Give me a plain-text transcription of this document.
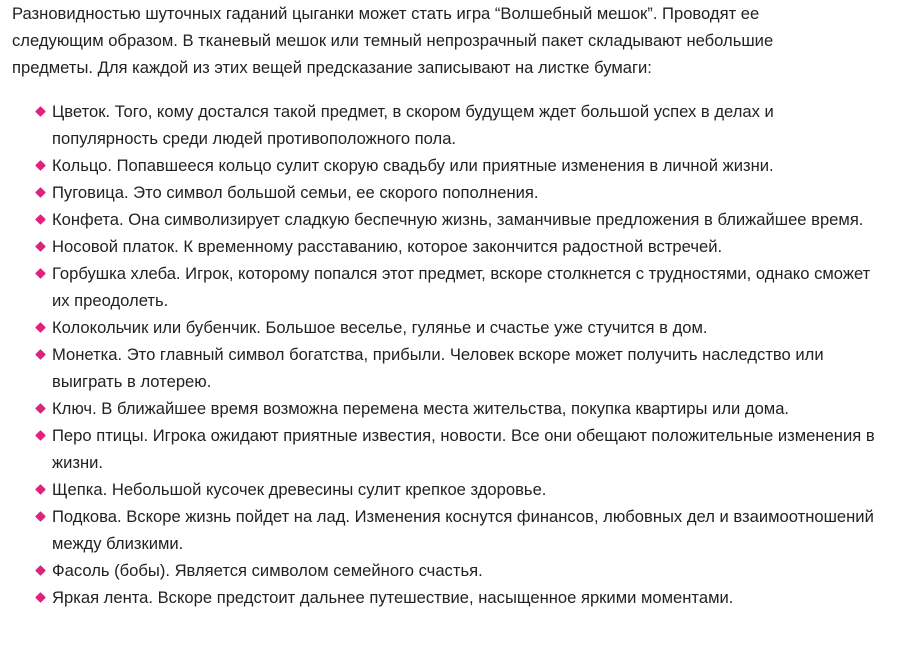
Разновидностью шуточных гаданий цыганки может стать игра “Волшебный мешок”. Проводят ее следующим образом. В тканевый мешок или темный непрозрачный пакет складывают небольшие предметы. Для каждой из этих вещей предсказание записывают на листке бумаги:

Цветок. Того, кому достался такой предмет, в скором будущем ждет большой успех в делах и популярность среди людей противоположного пола.
Кольцо. Попавшееся кольцо сулит скорую свадьбу или приятные изменения в личной жизни.
Пуговица. Это символ большой семьи, ее скорого пополнения.
Конфета. Она символизирует сладкую беспечную жизнь, заманчивые предложения в ближайшее время.
Носовой платок. К временному расставанию, которое закончится радостной встречей.
Горбушка хлеба. Игрок, которому попался этот предмет, вскоре столкнется с трудностями, однако сможет их преодолеть.
Колокольчик или бубенчик. Большое веселье, гулянье и счастье уже стучится в дом.
Монетка. Это главный символ богатства, прибыли. Человек вскоре может получить наследство или выиграть в лотерею.
Ключ. В ближайшее время возможна перемена места жительства, покупка квартиры или дома.
Перо птицы. Игрока ожидают приятные известия, новости. Все они обещают положительные изменения в жизни.
Щепка. Небольшой кусочек древесины сулит крепкое здоровье.
Подкова. Вскоре жизнь пойдет на лад. Изменения коснутся финансов, любовных дел и взаимоотношений между близкими.
Фасоль (бобы). Является символом семейного счастья.
Яркая лента. Вскоре предстоит дальнее путешествие, насыщенное яркими моментами.
